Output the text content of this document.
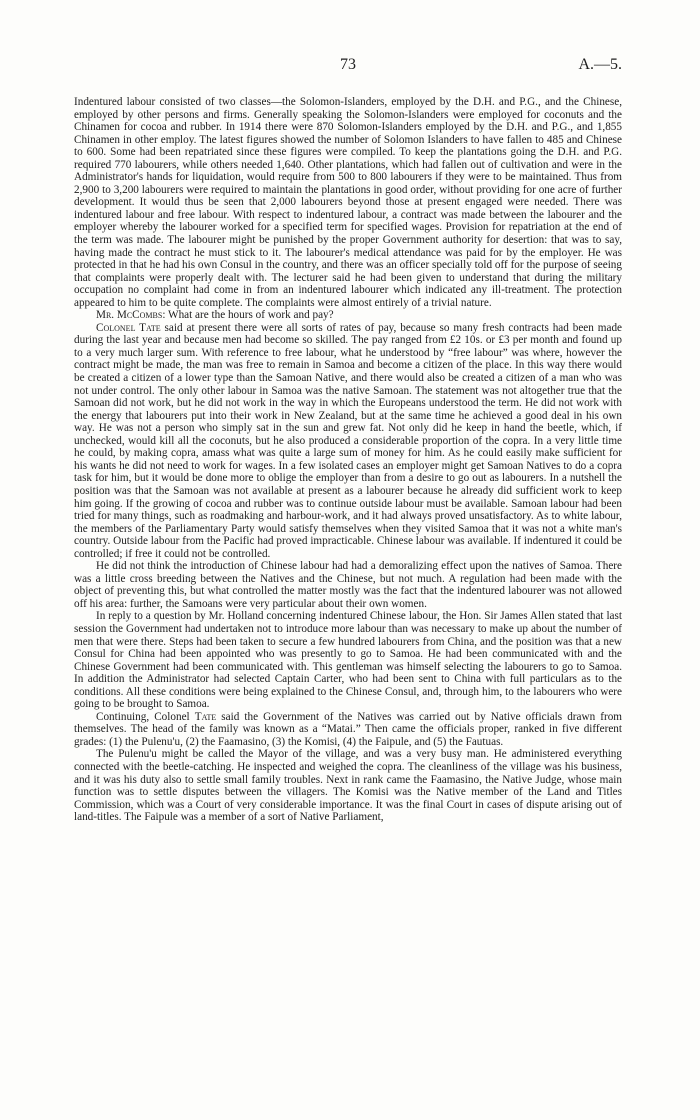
73	A.—5.

Indentured labour consisted of two classes—the Solomon-Islanders, employed by the D.H. and P.G., and the Chinese, employed by other persons and firms. Generally speaking the Solomon-Islanders were employed for coconuts and the Chinamen for cocoa and rubber. In 1914 there were 870 Solomon-Islanders employed by the D.H. and P.G., and 1,855 Chinamen in other employ. The latest figures showed the number of Solomon Islanders to have fallen to 485 and Chinese to 600. Some had been repatriated since these figures were compiled. To keep the plantations going the D.H. and P.G. required 770 labourers, while others needed 1,640. Other plantations, which had fallen out of cultivation and were in the Administrator's hands for liquidation, would require from 500 to 800 labourers if they were to be maintained. Thus from 2,900 to 3,200 labourers were required to maintain the plantations in good order, without providing for one acre of further development. It would thus be seen that 2,000 labourers beyond those at present engaged were needed. There was indentured labour and free labour. With respect to indentured labour, a contract was made between the labourer and the employer whereby the labourer worked for a specified term for specified wages. Provision for repatriation at the end of the term was made. The labourer might be punished by the proper Government authority for desertion: that was to say, having made the contract he must stick to it. The labourer's medical attendance was paid for by the employer. He was protected in that he had his own Consul in the country, and there was an officer specially told off for the purpose of seeing that complaints were properly dealt with. The lecturer said he had been given to understand that during the military occupation no complaint had come in from an indentured labourer which indicated any ill-treatment. The protection appeared to him to be quite complete. The complaints were almost entirely of a trivial nature.

Mr. McCombs: What are the hours of work and pay?

Colonel Tate said at present there were all sorts of rates of pay, because so many fresh contracts had been made during the last year and because men had become so skilled. The pay ranged from £2 10s. or £3 per month and found up to a very much larger sum. With reference to free labour, what he understood by “free labour” was where, however the contract might be made, the man was free to remain in Samoa and become a citizen of the place. In this way there would be created a citizen of a lower type than the Samoan Native, and there would also be created a citizen of a man who was not under control. The only other labour in Samoa was the native Samoan. The statement was not altogether true that the Samoan did not work, but he did not work in the way in which the Europeans understood the term. He did not work with the energy that labourers put into their work in New Zealand, but at the same time he achieved a good deal in his own way. He was not a person who simply sat in the sun and grew fat. Not only did he keep in hand the beetle, which, if unchecked, would kill all the coconuts, but he also produced a considerable proportion of the copra. In a very little time he could, by making copra, amass what was quite a large sum of money for him. As he could easily make sufficient for his wants he did not need to work for wages. In a few isolated cases an employer might get Samoan Natives to do a copra task for him, but it would be done more to oblige the employer than from a desire to go out as labourers. In a nutshell the position was that the Samoan was not available at present as a labourer because he already did sufficient work to keep him going. If the growing of cocoa and rubber was to continue outside labour must be available. Samoan labour had been tried for many things, such as roadmaking and harbour-work, and it had always proved unsatisfactory. As to white labour, the members of the Parliamentary Party would satisfy themselves when they visited Samoa that it was not a white man's country. Outside labour from the Pacific had proved impracticable. Chinese labour was available. If indentured it could be controlled; if free it could not be controlled.

He did not think the introduction of Chinese labour had had a demoralizing effect upon the natives of Samoa. There was a little cross breeding between the Natives and the Chinese, but not much. A regulation had been made with the object of preventing this, but what controlled the matter mostly was the fact that the indentured labourer was not allowed off his area: further, the Samoans were very particular about their own women.

In reply to a question by Mr. Holland concerning indentured Chinese labour, the Hon. Sir James Allen stated that last session the Government had undertaken not to introduce more labour than was necessary to make up about the number of men that were there. Steps had been taken to secure a few hundred labourers from China, and the position was that a new Consul for China had been appointed who was presently to go to Samoa. He had been communicated with and the Chinese Government had been communicated with. This gentleman was himself selecting the labourers to go to Samoa. In addition the Administrator had selected Captain Carter, who had been sent to China with full particulars as to the conditions. All these conditions were being explained to the Chinese Consul, and, through him, to the labourers who were going to be brought to Samoa.

Continuing, Colonel Tate said the Government of the Natives was carried out by Native officials drawn from themselves. The head of the family was known as a “Matai.” Then came the officials proper, ranked in five different grades: (1) the Pulenu'u, (2) the Faamasino, (3) the Komisi, (4) the Faipule, and (5) the Fautuas.

The Pulenu'u might be called the Mayor of the village, and was a very busy man. He administered everything connected with the beetle-catching. He inspected and weighed the copra. The cleanliness of the village was his business, and it was his duty also to settle small family troubles. Next in rank came the Faamasino, the Native Judge, whose main function was to settle disputes between the villagers. The Komisi was the Native member of the Land and Titles Commission, which was a Court of very considerable importance. It was the final Court in cases of dispute arising out of land-titles. The Faipule was a member of a sort of Native Parliament,
